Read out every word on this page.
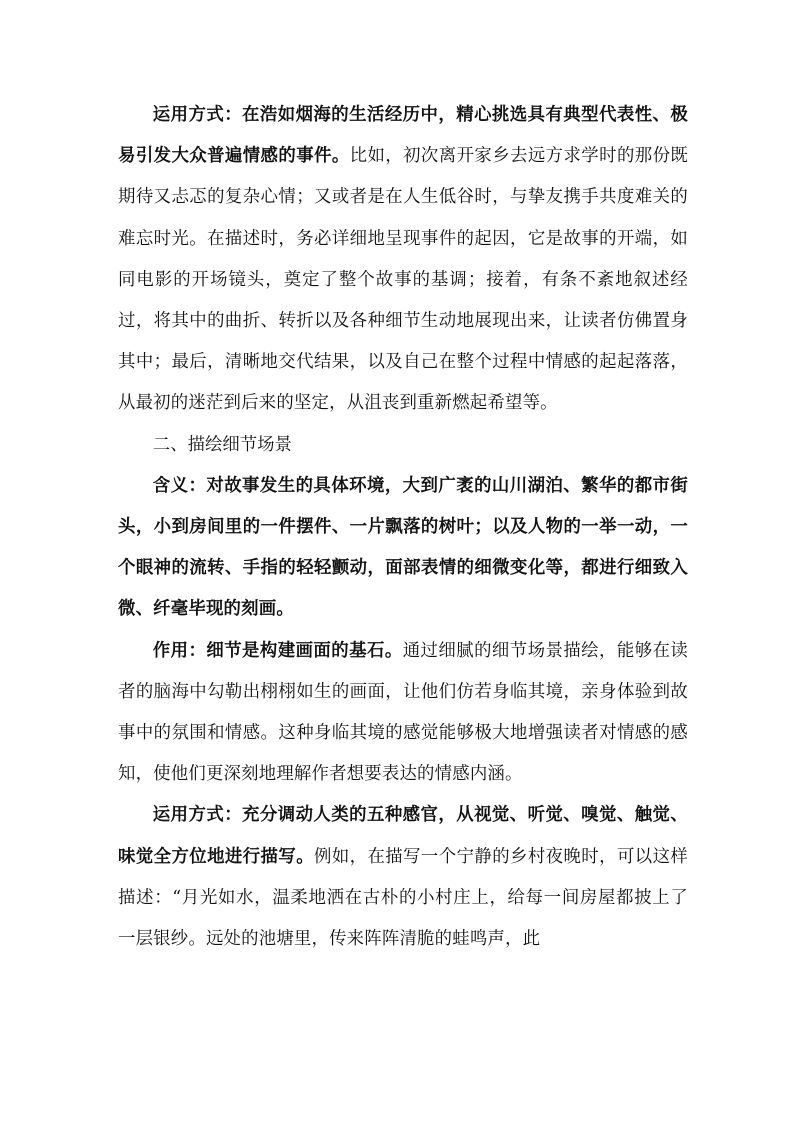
运用方式：在浩如烟海的生活经历中，精心挑选具有典型代表性、极易引发大众普遍情感的事件。比如，初次离开家乡去远方求学时的那份既期待又忐忑的复杂心情；又或者是在人生低谷时，与挚友携手共度难关的难忘时光。在描述时，务必详细地呈现事件的起因，它是故事的开端，如同电影的开场镜头，奠定了整个故事的基调；接着，有条不紊地叙述经过，将其中的曲折、转折以及各种细节生动地展现出来，让读者仿佛置身其中；最后，清晰地交代结果，以及自己在整个过程中情感的起起落落，从最初的迷茫到后来的坚定，从沮丧到重新燃起希望等。

二、描绘细节场景

含义：对故事发生的具体环境，大到广袤的山川湖泊、繁华的都市街头，小到房间里的一件摆件、一片飘落的树叶；以及人物的一举一动，一个眼神的流转、手指的轻轻颤动，面部表情的细微变化等，都进行细致入微、纤毫毕现的刻画。

作用：细节是构建画面的基石。通过细腻的细节场景描绘，能够在读者的脑海中勾勒出栩栩如生的画面，让他们仿若身临其境，亲身体验到故事中的氛围和情感。这种身临其境的感觉能够极大地增强读者对情感的感知，使他们更深刻地理解作者想要表达的情感内涵。

运用方式：充分调动人类的五种感官，从视觉、听觉、嗅觉、触觉、味觉全方位地进行描写。例如，在描写一个宁静的乡村夜晚时，可以这样描述：“月光如水，温柔地洒在古朴的小村庄上，给每一间房屋都披上了一层银纱。远处的池塘里，传来阵阵清脆的蛙鸣声，此
